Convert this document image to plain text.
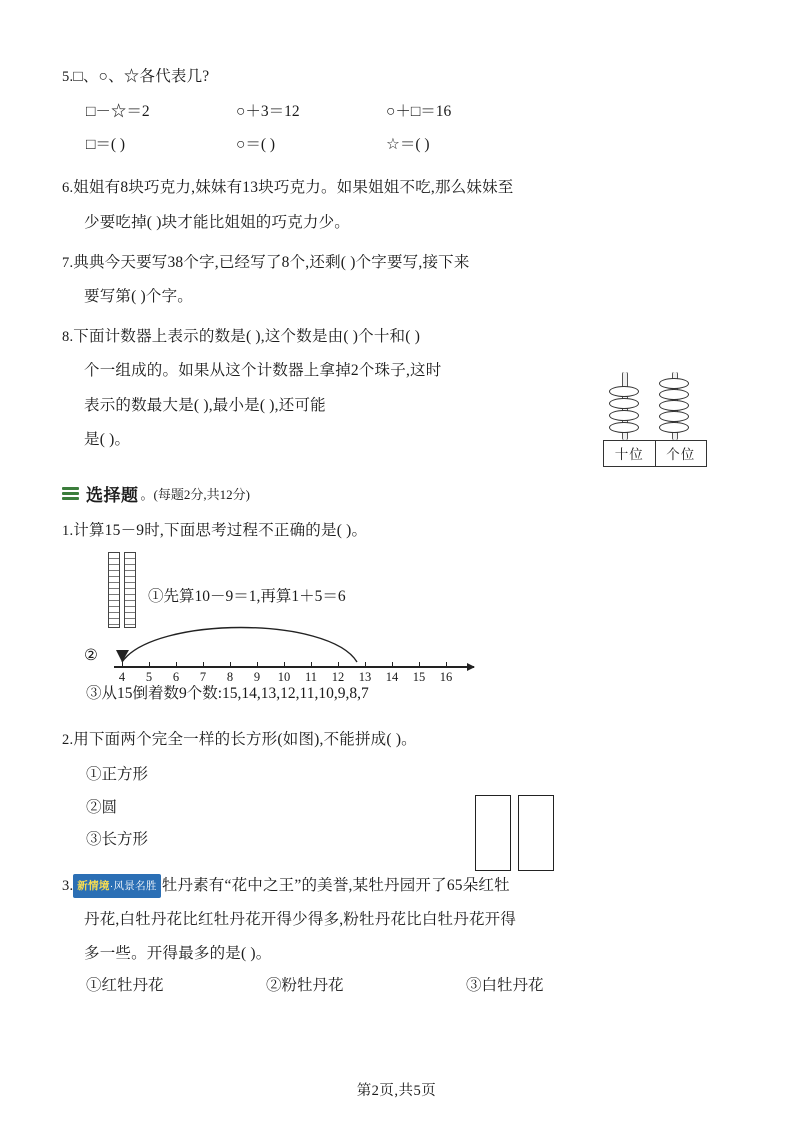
5.□、○、☆各代表几?

□－☆＝2	○＋3＝12	○＋□＝16
□＝( )	○＝( )	☆＝( )

6.姐姐有8块巧克力,妹妹有13块巧克力。如果姐姐不吃,那么妹妹至

少要吃掉( )块才能比姐姐的巧克力少。

7.典典今天要写38个字,已经写了8个,还剩( )个字要写,接下来

要写第( )个字。

8.下面计数器上表示的数是( ),这个数是由( )个十和( )

个一组成的。如果从这个计数器上拿掉2个珠子,这时

表示的数最大是( ),最小是( ),还可能

是( )。

十位	个位
选择题 。(每题2分,共12分)

1.计算15－9时,下面思考过程不正确的是( )。

①先算10－9＝1,再算1＋5＝6
②
4 5 6 7 8 9 10 11 12 13 14 15 16
③从15倒着数9个数:15,14,13,12,11,10,9,8,7

2.用下面两个完全一样的长方形(如图),不能拼成( )。

①正方形
②圆
③长方形

3. 新情境·风景名胜 牡丹素有“花中之王”的美誉,某牡丹园开了65朵红牡

丹花,白牡丹花比红牡丹花开得少得多,粉牡丹花比白牡丹花开得

多一些。开得最多的是( )。

①红牡丹花	②粉牡丹花	③白牡丹花
第2页,共5页
